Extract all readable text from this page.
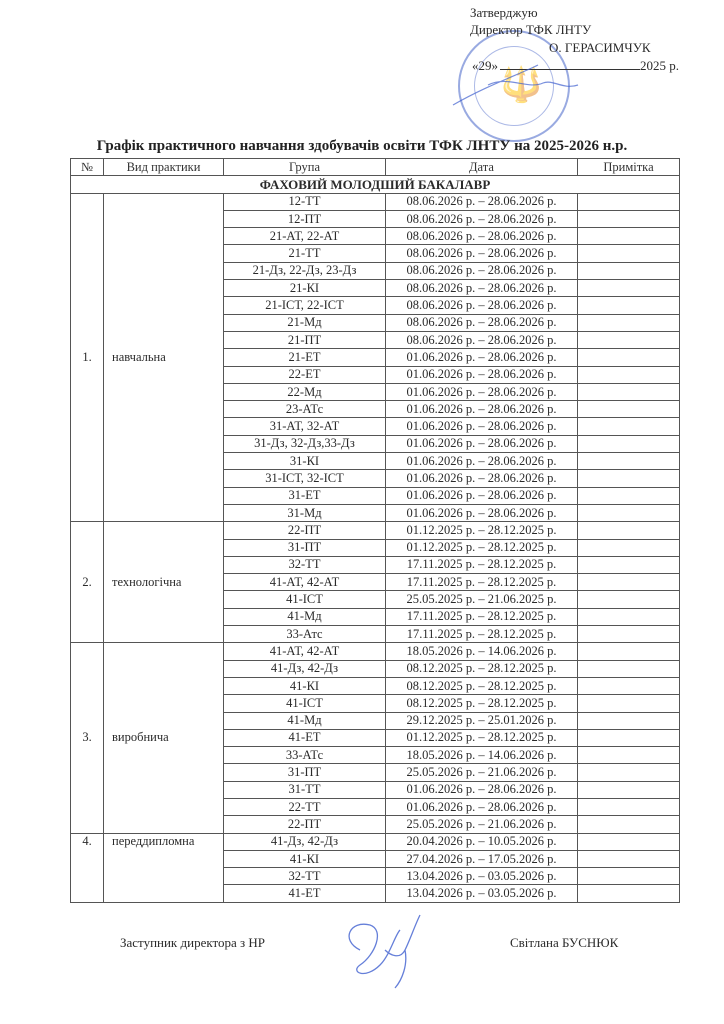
🔱
Затверджую
Директор ТФК ЛНТУ
О. ГЕРАСИМЧУК
«29»	2025 р.
Графік практичного навчання здобувачів освіти ТФК ЛНТУ на 2025-2026 н.р.
№	Вид практики	Група	Дата	Примітка
ФАХОВИЙ МОЛОДШИЙ БАКАЛАВР				
1.	навчальна	12-ТТ	08.06.2026 р. – 28.06.2026 р.	
		12-ПТ	08.06.2026 р. – 28.06.2026 р.	
		21-АТ, 22-АТ	08.06.2026 р. – 28.06.2026 р.	
		21-ТТ	08.06.2026 р. – 28.06.2026 р.	
		21-Дз, 22-Дз, 23-Дз	08.06.2026 р. – 28.06.2026 р.	
		21-КІ	08.06.2026 р. – 28.06.2026 р.	
		21-ІСТ, 22-ІСТ	08.06.2026 р. – 28.06.2026 р.	
		21-Мд	08.06.2026 р. – 28.06.2026 р.	
		21-ПТ	08.06.2026 р. – 28.06.2026 р.	
		21-ЕТ	01.06.2026 р. – 28.06.2026 р.	
		22-ЕТ	01.06.2026 р. – 28.06.2026 р.	
		22-Мд	01.06.2026 р. – 28.06.2026 р.	
		23-АТс	01.06.2026 р. – 28.06.2026 р.	
		31-АТ, 32-АТ	01.06.2026 р. – 28.06.2026 р.	
		31-Дз, 32-Дз,33-Дз	01.06.2026 р. – 28.06.2026 р.	
		31-КІ	01.06.2026 р. – 28.06.2026 р.	
		31-ІСТ, 32-ІСТ	01.06.2026 р. – 28.06.2026 р.	
		31-ЕТ	01.06.2026 р. – 28.06.2026 р.	
		31-Мд	01.06.2026 р. – 28.06.2026 р.	
2.	технологічна	22-ПТ	01.12.2025 р. – 28.12.2025 р.	
		31-ПТ	01.12.2025 р. – 28.12.2025 р.	
		32-ТТ	17.11.2025 р. – 28.12.2025 р.	
		41-АТ, 42-АТ	17.11.2025 р. – 28.12.2025 р.	
		41-ІСТ	25.05.2025 р. – 21.06.2025 р.	
		41-Мд	17.11.2025 р. – 28.12.2025 р.	
		33-Атс	17.11.2025 р. – 28.12.2025 р.	
3.	виробнича	41-АТ, 42-АТ	18.05.2026 р. – 14.06.2026 р.	
		41-Дз, 42-Дз	08.12.2025 р. – 28.12.2025 р.	
		41-КІ	08.12.2025 р. – 28.12.2025 р.	
		41-ІСТ	08.12.2025 р. – 28.12.2025 р.	
		41-Мд	29.12.2025 р. – 25.01.2026 р.	
		41-ЕТ	01.12.2025 р. – 28.12.2025 р.	
		33-АТс	18.05.2026 р. – 14.06.2026 р.	
		31-ПТ	25.05.2026 р. – 21.06.2026 р.	
		31-ТТ	01.06.2026 р. – 28.06.2026 р.	
		22-ТТ	01.06.2026 р. – 28.06.2026 р.	
		22-ПТ	25.05.2026 р. – 21.06.2026 р.	
4.	переддипломна	41-Дз, 42-Дз	20.04.2026 р. – 10.05.2026 р.	
		41-КІ	27.04.2026 р. – 17.05.2026 р.	
		32-ТТ	13.04.2026 р. – 03.05.2026 р.	
		41-ЕТ	13.04.2026 р. – 03.05.2026 р.	
Заступник директора з НР	Світлана БУСНЮК
